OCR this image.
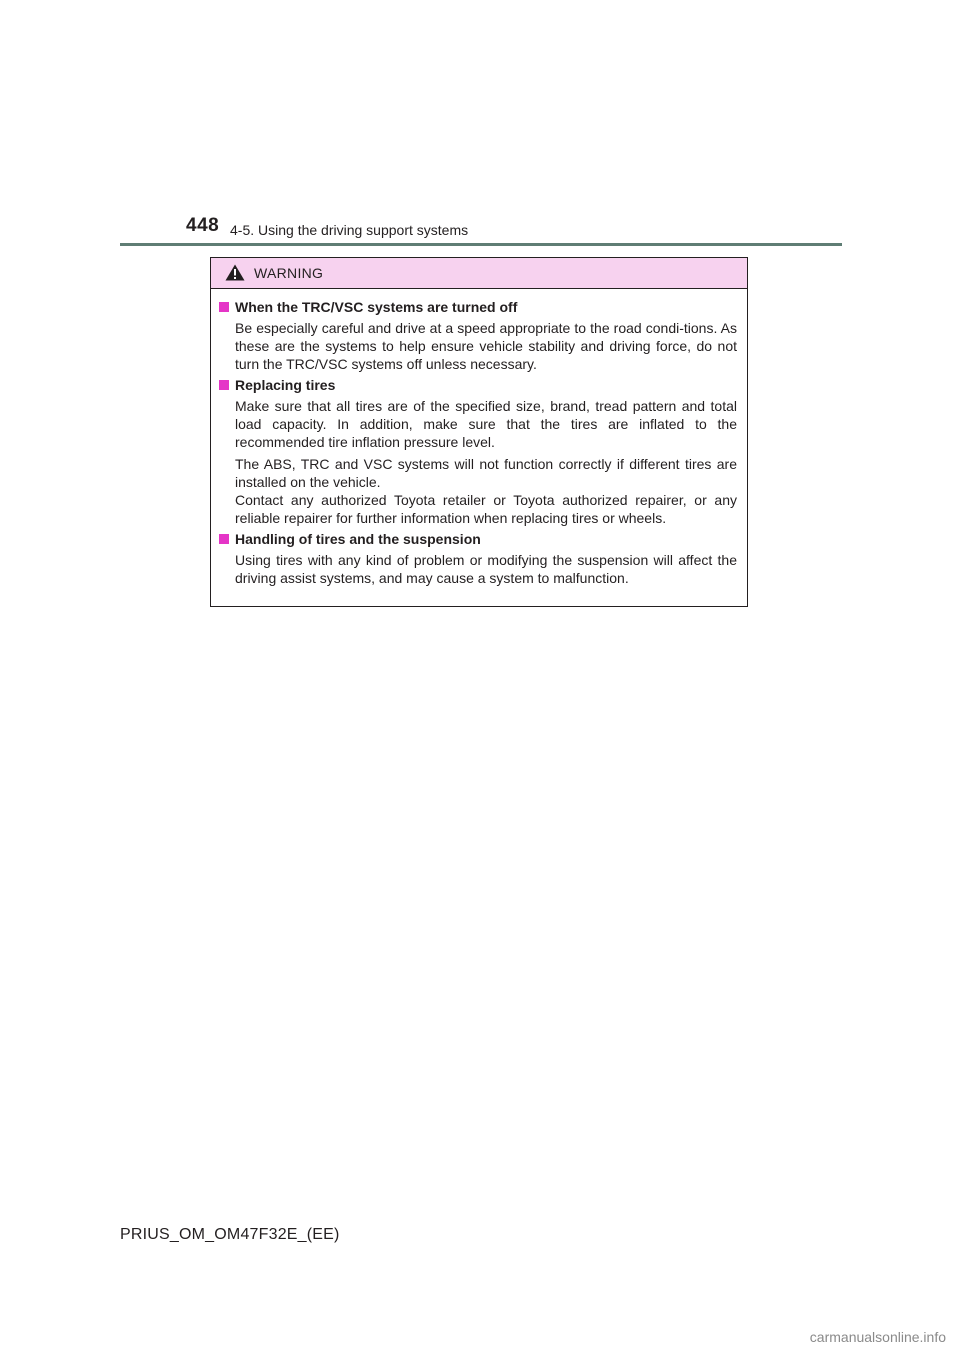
448 4-5. Using the driving support systems
WARNING
When the TRC/VSC systems are turned off

Be especially careful and drive at a speed appropriate to the road condi-tions. As these are the systems to help ensure vehicle stability and driving force, do not turn the TRC/VSC systems off unless necessary.

Replacing tires

Make sure that all tires are of the specified size, brand, tread pattern and total load capacity. In addition, make sure that the tires are inflated to the recommended tire inflation pressure level.

The ABS, TRC and VSC systems will not function correctly if different tires are installed on the vehicle.

Contact any authorized Toyota retailer or Toyota authorized repairer, or any reliable repairer for further information when replacing tires or wheels.

Handling of tires and the suspension

Using tires with any kind of problem or modifying the suspension will affect the driving assist systems, and may cause a system to malfunction.

PRIUS_OM_OM47F32E_(EE)
carmanualsonline.info
